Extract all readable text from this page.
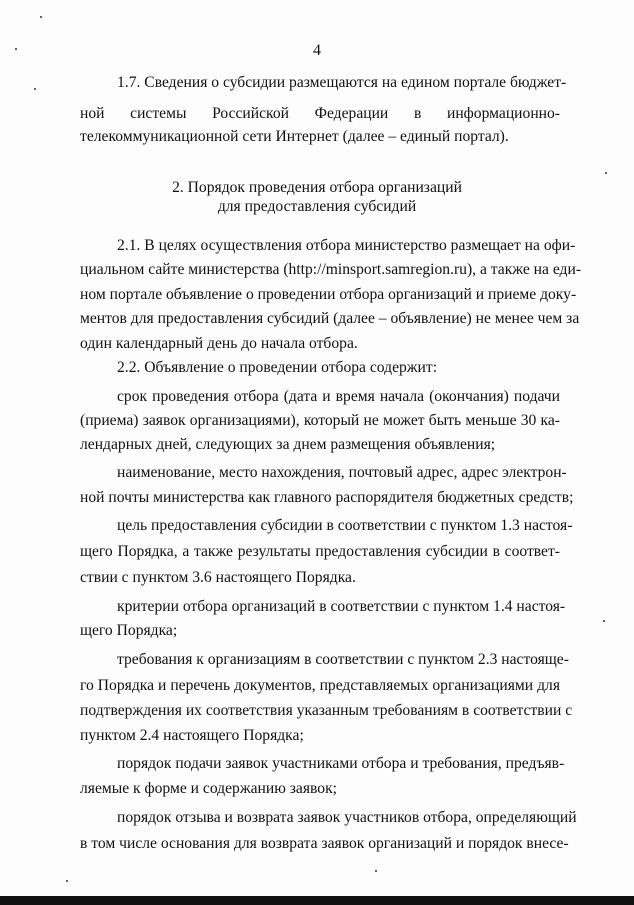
4
1.7. Сведения о субсидии размещаются на едином портале бюджет-
ной системы Российской Федерации в информационно-
телекоммуникационной сети Интернет (далее – единый портал).
2. Порядок проведения отбора организаций
для предоставления субсидий
2.1. В целях осуществления отбора министерство размещает на офи-
циальном сайте министерства (http://minsport.samregion.ru), а также на еди-
ном портале объявление о проведении отбора организаций и приеме доку-
ментов для предоставления субсидий (далее – объявление) не менее чем за
один календарный день до начала отбора.
2.2. Объявление о проведении отбора содержит:
срок проведения отбора (дата и время начала (окончания) подачи
(приема) заявок организациями), который не может быть меньше 30 ка-
лендарных дней, следующих за днем размещения объявления;
наименование, место нахождения, почтовый адрес, адрес электрон-
ной почты министерства как главного распорядителя бюджетных средств;
цель предоставления субсидии в соответствии с пунктом 1.3 настоя-
щего Порядка, а также результаты предоставления субсидии в соответ-
ствии с пунктом 3.6 настоящего Порядка.
критерии отбора организаций в соответствии с пунктом 1.4 настоя-
щего Порядка;
требования к организациям в соответствии с пунктом 2.3 настояще-
го Порядка и перечень документов, представляемых организациями для
подтверждения их соответствия указанным требованиям в соответствии с
пунктом 2.4 настоящего Порядка;
порядок подачи заявок участниками отбора и требования, предъяв-
ляемые к форме и содержанию заявок;
порядок отзыва и возврата заявок участников отбора, определяющий
в том числе основания для возврата заявок организаций и порядок внесе-
